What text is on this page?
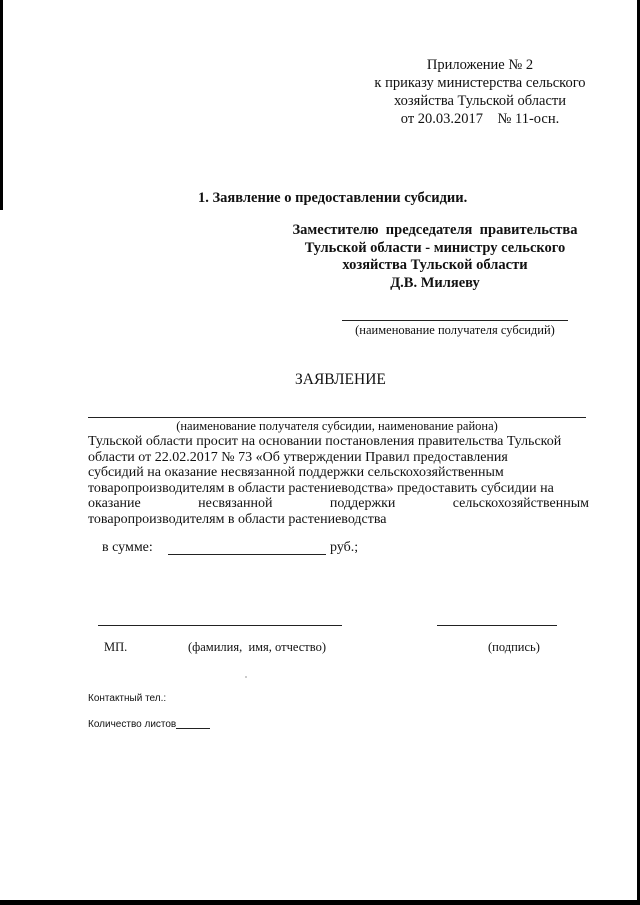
Приложение № 2
к приказу министерства сельского
хозяйства Тульской области
от 20.03.2017    № 11-осн.
1. Заявление о предоставлении субсидии.
Заместителю  председателя  правительства
Тульской области - министру сельского
хозяйства Тульской области
Д.В. Миляеву
(наименование получателя субсидий)
ЗАЯВЛЕНИЕ
(наименование получателя субсидии, наименование района)

Тульской области просит на основании постановления правительства Тульской

области от 22.02.2017 № 73 «Об утверждении Правил предоставления

субсидий на оказание несвязанной поддержки сельскохозяйственным

товаропроизводителям в области растениеводства» предоставить субсидии на

оказание	несвязанной	поддержки	сельскохозяйственным

товаропроизводителям в области растениеводства

в сумме:	руб.;
МП.	(фамилия,  имя, отчество)	(подпись)
Контактный тел.:
Количество листов
